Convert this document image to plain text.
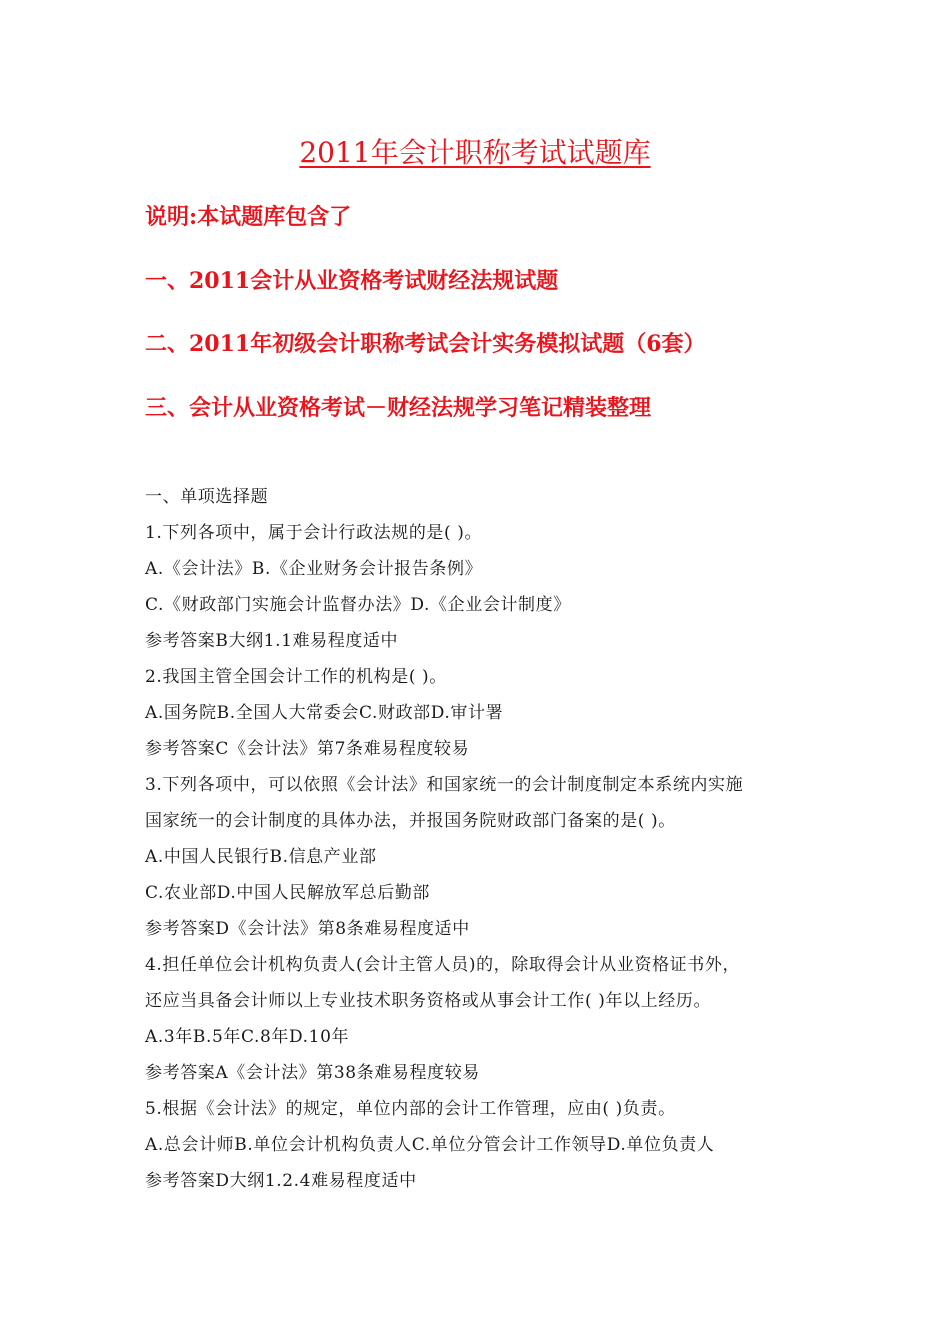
2011年会计职称考试试题库
说明:本试题库包含了
一、2011会计从业资格考试财经法规试题
二、2011年初级会计职称考试会计实务模拟试题（6套）
三、会计从业资格考试－财经法规学习笔记精装整理
一、单项选择题
1.下列各项中，属于会计行政法规的是( )。
A.《会计法》B.《企业财务会计报告条例》
C.《财政部门实施会计监督办法》D.《企业会计制度》
参考答案B大纲1.1难易程度适中
2.我国主管全国会计工作的机构是( )。
A.国务院B.全国人大常委会C.财政部D.审计署
参考答案C《会计法》第7条难易程度较易
3.下列各项中，可以依照《会计法》和国家统一的会计制度制定本系统内实施
国家统一的会计制度的具体办法，并报国务院财政部门备案的是( )。
A.中国人民银行B.信息产业部
C.农业部D.中国人民解放军总后勤部
参考答案D《会计法》第8条难易程度适中
4.担任单位会计机构负责人(会计主管人员)的，除取得会计从业资格证书外，
还应当具备会计师以上专业技术职务资格或从事会计工作( )年以上经历。
A.3年B.5年C.8年D.10年
参考答案A《会计法》第38条难易程度较易
5.根据《会计法》的规定，单位内部的会计工作管理，应由( )负责。
A.总会计师B.单位会计机构负责人C.单位分管会计工作领导D.单位负责人
参考答案D大纲1.2.4难易程度适中
